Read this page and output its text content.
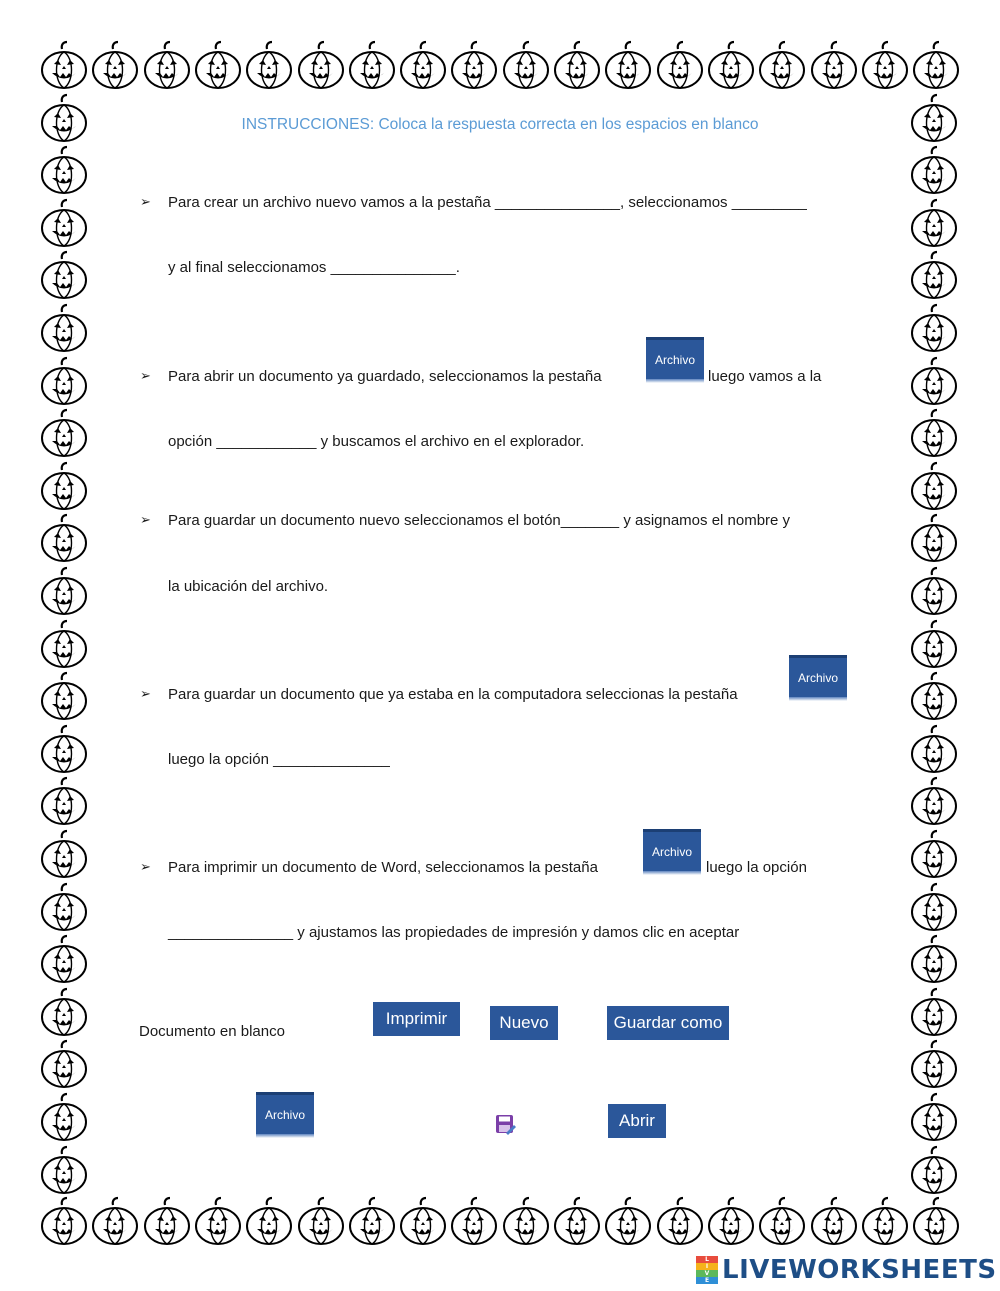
INSTRUCCIONES: Coloca la respuesta correcta en los espacios en blanco
➢ Para crear un archivo nuevo vamos a la pestaña _______________, seleccionamos _________
y al final seleccionamos _______________.
➢ Para abrir un documento ya guardado, seleccionamos la pestaña	luego vamos a la
opción ____________ y buscamos el archivo en el explorador.
Archivo
➢ Para guardar un documento nuevo seleccionamos el botón_______ y asignamos el nombre y
la ubicación del archivo.
➢ Para guardar un documento que ya estaba en la computadora seleccionas la pestaña
luego la opción ______________
Archivo
➢ Para imprimir un documento de Word, seleccionamos la pestaña	luego la opción
_______________ y ajustamos las propiedades de impresión y damos clic en aceptar
Archivo
Documento en blanco
Imprimir	Nuevo	Guardar como
Archivo	Abrir
L
I
V
E LIVEWORKSHEETS
